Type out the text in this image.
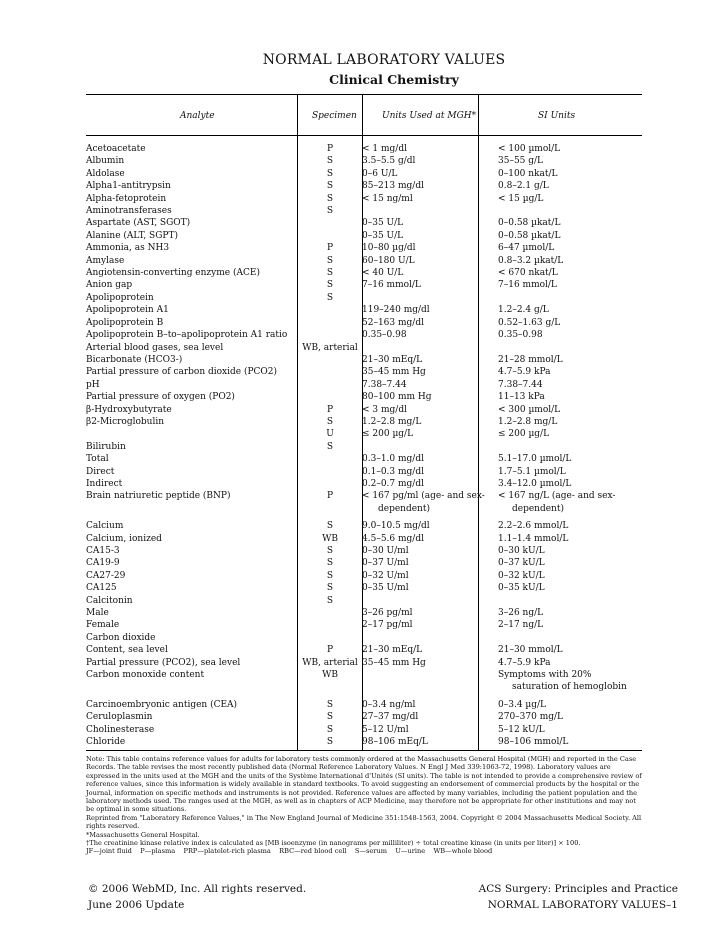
NORMAL LABORATORY VALUES
Clinical Chemistry
Analyte	Specimen	Units Used at MGH*	SI Units
Acetoacetate	P	< 1 mg/dl	< 100 µmol/L
Albumin	S	3.5–5.5 g/dl	35–55 g/L
Aldolase	S	0–6 U/L	0–100 nkat/L
Alpha1-antitrypsin	S	85–213 mg/dl	0.8–2.1 g/L
Alpha-fetoprotein	S	< 15 ng/ml	< 15 µg/L
Aminotransferases	S		
Aspartate (AST, SGOT)		0–35 U/L	0–0.58 µkat/L
Alanine (ALT, SGPT)		0–35 U/L	0–0.58 µkat/L
Ammonia, as NH3	P	10–80 µg/dl	6–47 µmol/L
Amylase	S	60–180 U/L	0.8–3.2 µkat/L
Angiotensin-converting enzyme (ACE)	S	< 40 U/L	< 670 nkat/L
Anion gap	S	7–16 mmol/L	7–16 mmol/L
Apolipoprotein	S		
Apolipoprotein A1		119–240 mg/dl	1.2–2.4 g/L
Apolipoprotein B		52–163 mg/dl	0.52–1.63 g/L
Apolipoprotein B–to–apolipoprotein A1 ratio		0.35–0.98	0.35–0.98
Arterial blood gases, sea level	WB, arterial		
Bicarbonate (HCO3-)		21–30 mEq/L	21–28 mmol/L
Partial pressure of carbon dioxide (PCO2)		35–45 mm Hg	4.7–5.9 kPa
pH		7.38–7.44	7.38–7.44
Partial pressure of oxygen (PO2)		80–100 mm Hg	11–13 kPa
β-Hydroxybutyrate	P	< 3 mg/dl	< 300 µmol/L
β2-Microglobulin	S	1.2–2.8 mg/L	1.2–2.8 mg/L
	U	≤ 200 µg/L	≤ 200 µg/L
Bilirubin	S		
Total		0.3–1.0 mg/dl	5.1–17.0 µmol/L
Direct		0.1–0.3 mg/dl	1.7–5.1 µmol/L
Indirect		0.2–0.7 mg/dl	3.4–12.0 µmol/L
Brain natriuretic peptide (BNP)	P	< 167 pg/ml (age- and sex-	< 167 ng/L (age- and sex-
		dependent)	dependent)
Calcium	S	9.0–10.5 mg/dl	2.2–2.6 mmol/L
Calcium, ionized	WB	4.5–5.6 mg/dl	1.1–1.4 mmol/L
CA15-3	S	0–30 U/ml	0–30 kU/L
CA19-9	S	0–37 U/ml	0–37 kU/L
CA27-29	S	0–32 U/ml	0–32 kU/L
CA125	S	0–35 U/ml	0–35 kU/L
Calcitonin	S		
Male		3–26 pg/ml	3–26 ng/L
Female		2–17 pg/ml	2–17 ng/L
Carbon dioxide			
Content, sea level	P	21–30 mEq/L	21–30 mmol/L
Partial pressure (PCO2), sea level	WB, arterial	35–45 mm Hg	4.7–5.9 kPa
Carbon monoxide content	WB		Symptoms with 20%
			saturation of hemoglobin
Carcinoembryonic antigen (CEA)	S	0–3.4 ng/ml	0–3.4 µg/L
Ceruloplasmin	S	27–37 mg/dl	270–370 mg/L
Cholinesterase	S	5–12 U/ml	5–12 kU/L
Chloride	S	98–106 mEq/L	98–106 mmol/L

Note: This table contains reference values for adults for laboratory tests commonly ordered at the Massachusetts General Hospital (MGH) and reported in the Case Records. The table revises the most recently published data (Normal Reference Laboratory Values. N Engl J Med 339:1063-72, 1998). Laboratory values are expressed in the units used at the MGH and the units of the Système International d'Unités (SI units). The table is not intended to provide a comprehensive review of reference values, since this information is widely available in standard textbooks. To avoid suggesting an endorsement of commercial products by the hospital or the Journal, information on specific methods and instruments is not provided. Reference values are affected by many variables, including the patient population and the laboratory methods used. The ranges used at the MGH, as well as in chapters of ACP Medicine, may therefore not be appropriate for other institutions and may not be optimal in some situations.

Reprinted from "Laboratory Reference Values," in The New England Journal of Medicine 351:1548-1563, 2004. Copyright © 2004 Massachusetts Medical Society. All rights reserved.

*Massachusetts General Hospital.

†The creatinine kinase relative index is calculated as [MB isoenzyme (in nanograms per milliliter) ÷ total creatine kinase (in units per liter)] × 100.

JF—joint fluid    P—plasma    PRP—platelet-rich plasma    RBC—red blood cell    S—serum    U—urine    WB—whole blood

© 2006 WebMD, Inc. All rights reserved.
June 2006 Update
ACS Surgery: Principles and Practice
NORMAL LABORATORY VALUES–1
